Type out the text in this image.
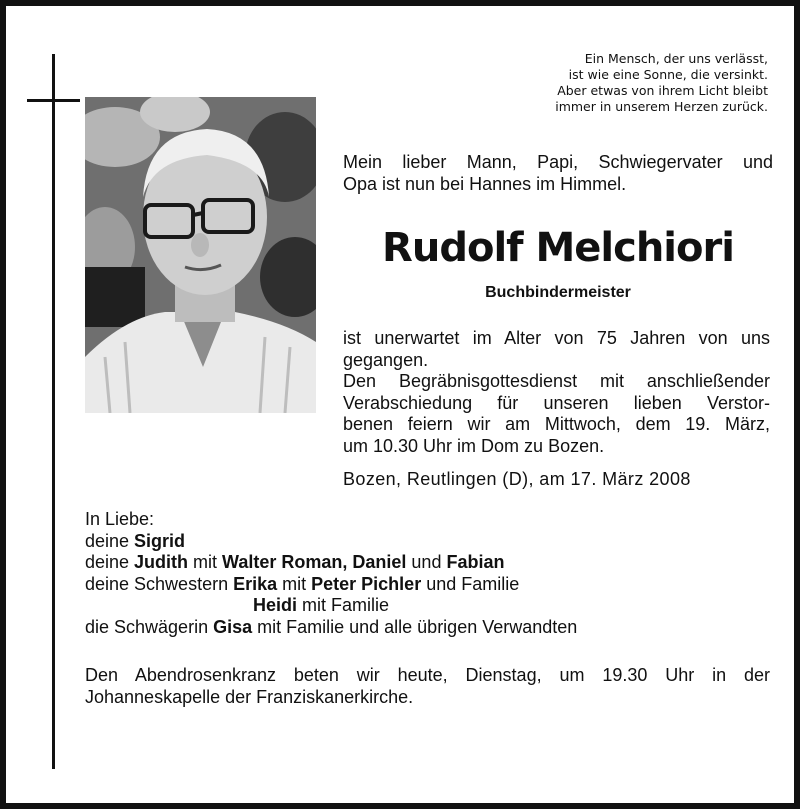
Ein Mensch, der uns verlässt,
ist wie eine Sonne, die versinkt.
Aber etwas von ihrem Licht bleibt
immer in unserem Herzen zurück.
Mein lieber Mann, Papi, Schwiegervater und
Opa ist nun bei Hannes im Himmel.
Rudolf Melchiori
Buchbindermeister
ist unerwartet im Alter von 75 Jahren von uns
gegangen.
Den Begräbnisgottesdienst mit anschließender
Verabschiedung für unseren lieben Verstor-
benen feiern wir am Mittwoch, dem 19. März,
um 10.30 Uhr im Dom zu Bozen.
Bozen, Reutlingen (D), am 17. März 2008
In Liebe:
deine Sigrid
deine Judith mit Walter Roman, Daniel und Fabian
deine Schwestern Erika mit Peter Pichler und Familie
Heidi mit Familie
die Schwägerin Gisa mit Familie und alle übrigen Verwandten
Den Abendrosenkranz beten wir heute, Dienstag, um 19.30 Uhr in der
Johanneskapelle der Franziskanerkirche.
